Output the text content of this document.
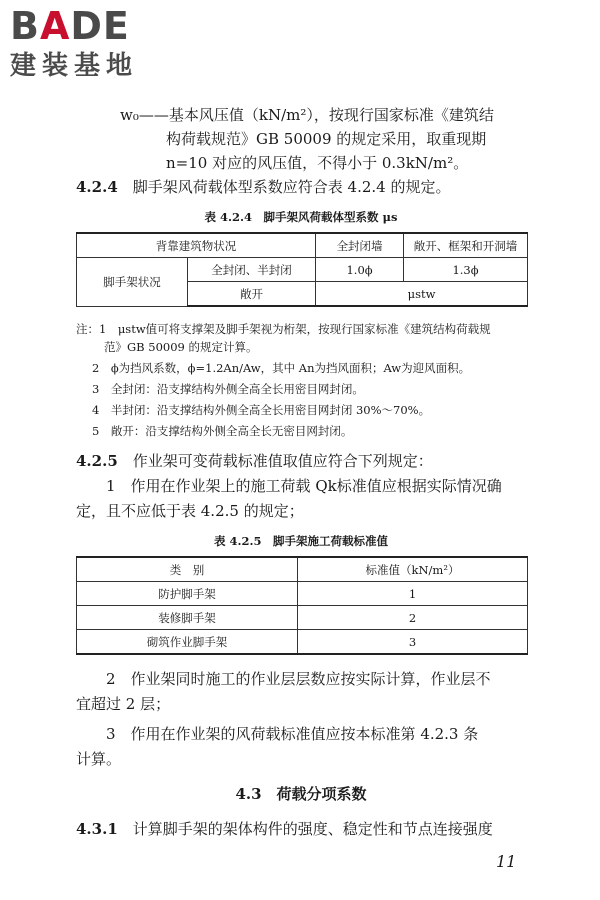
BADE
建装基地
w₀——基本风压值（kN/m²），按现行国家标准《建筑结
构荷载规范》GB 50009 的规定采用，取重现期
n=10 对应的风压值，不得小于 0.3kN/m²。
4.2.4　 脚手架风荷载体型系数应符合表 4.2.4 的规定。
表 4.2.4　脚手架风荷载体型系数 μs
背靠建筑物状况		全封闭墙	敞开、框架和开洞墙
脚手架状况	全封闭、半封闭	1.0ϕ	1.3ϕ
	敞开	μstw	
注：1　μstw值可将支撑架及脚手架视为桁架，按现行国家标准《建筑结构荷载规
范》GB 50009 的规定计算。
2　ϕ为挡风系数，ϕ=1.2An/Aw，其中 An为挡风面积；Aw为迎风面积。
3　全封闭：沿支撑结构外侧全高全长用密目网封闭。
4　半封闭：沿支撑结构外侧全高全长用密目网封闭 30%～70%。
5　敞开：沿支撑结构外侧全高全长无密目网封闭。
4.2.5　 作业架可变荷载标准值取值应符合下列规定：
1　作用在作业架上的施工荷载 Qk标准值应根据实际情况确
定，且不应低于表 4.2.5 的规定；
表 4.2.5　脚手架施工荷载标准值
类　别	标准值（kN/m²）
防护脚手架	1
装修脚手架	2
砌筑作业脚手架	3
2　作业架同时施工的作业层层数应按实际计算，作业层不
宜超过 2 层；
3　作用在作业架的风荷载标准值应按本标准第 4.2.3 条
计算。
4.3　荷载分项系数
4.3.1　 计算脚手架的架体构件的强度、稳定性和节点连接强度
11
